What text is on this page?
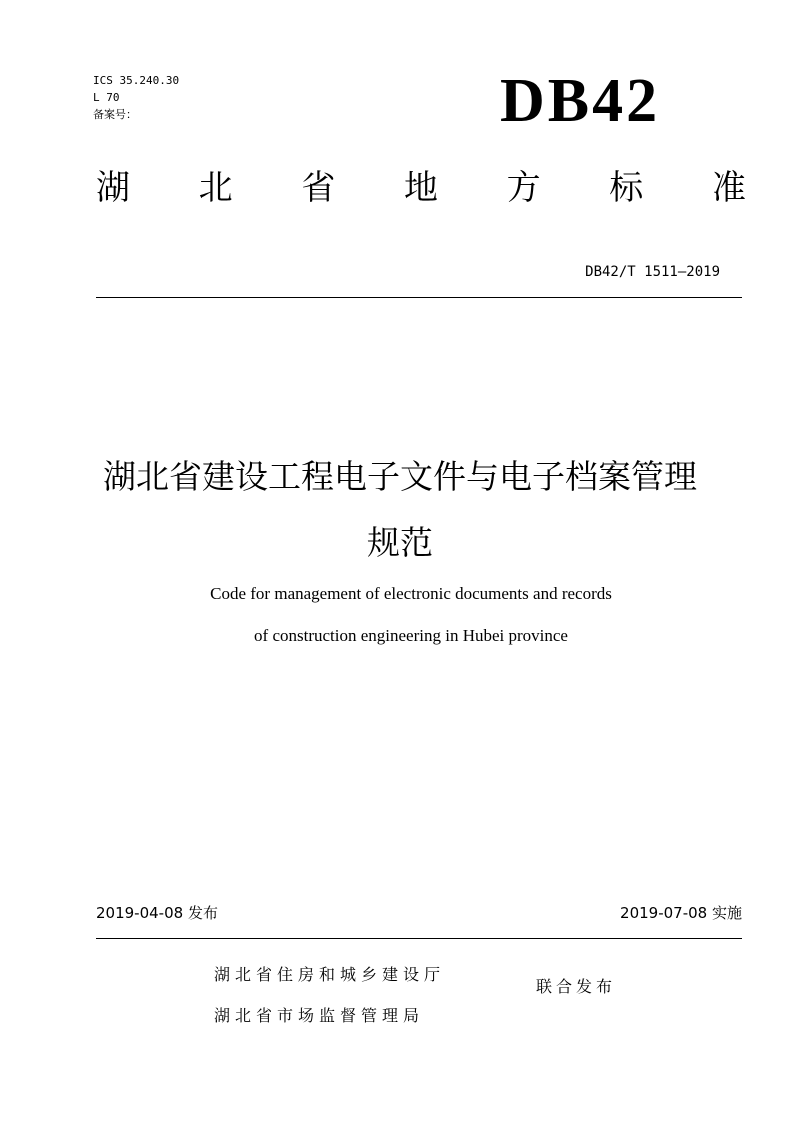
ICS 35.240.30
L 70
备案号：	DB42
湖 北 省 地 方 标 准
DB42/T 1511—2019
湖北省建设工程电子文件与电子档案管理
规范
Code for management of electronic documents and records
of construction engineering in Hubei province
2019-04-08 发布	2019-07-08 实施
湖北省住房和城乡建设厅
湖北省市场监督管理局
联合发布
